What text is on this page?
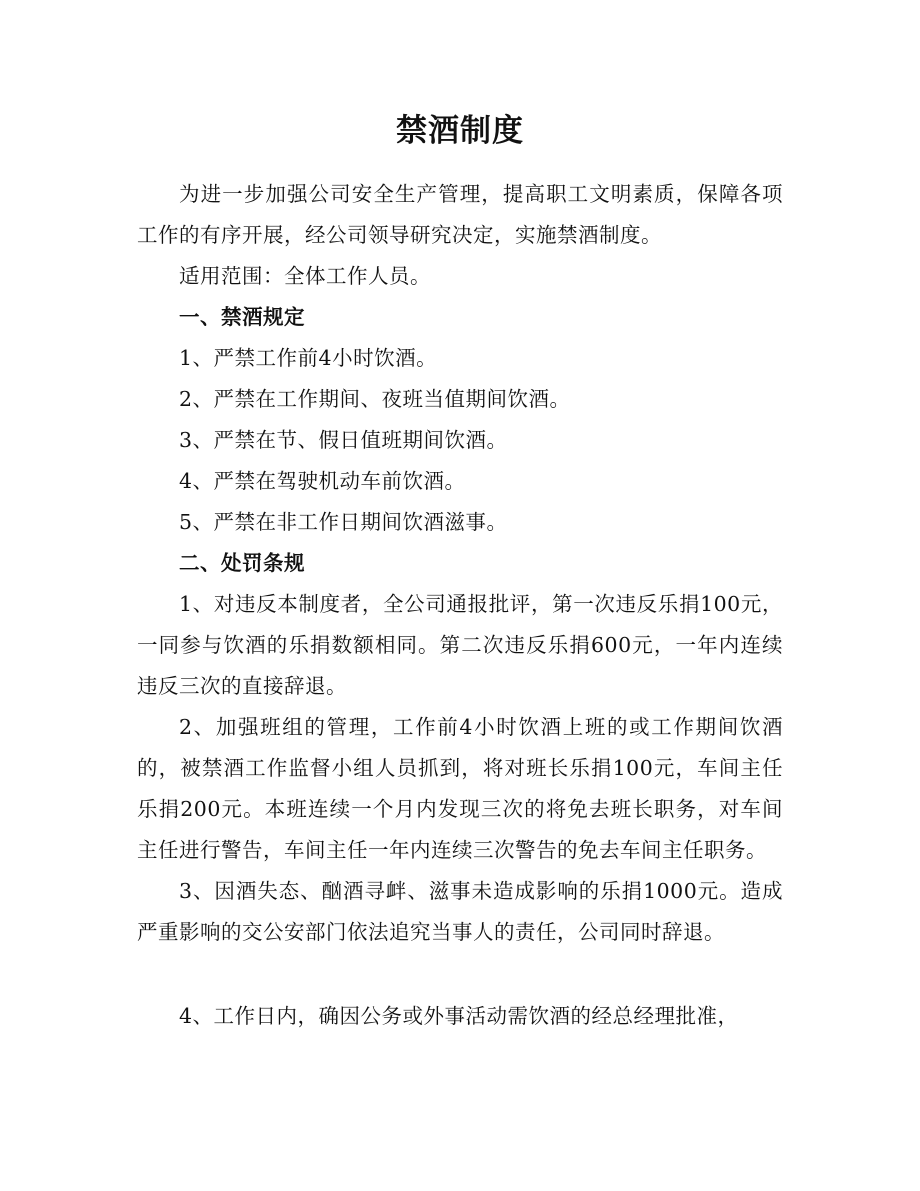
禁酒制度

为进一步加强公司安全生产管理，提高职工文明素质，保障各项工作的有序开展，经公司领导研究决定，实施禁酒制度。

适用范围：全体工作人员。

一、禁酒规定

1、严禁工作前4小时饮酒。

2、严禁在工作期间、夜班当值期间饮酒。

3、严禁在节、假日值班期间饮酒。

4、严禁在驾驶机动车前饮酒。

5、严禁在非工作日期间饮酒滋事。

二、处罚条规

1、对违反本制度者，全公司通报批评，第一次违反乐捐100元，一同参与饮酒的乐捐数额相同。第二次违反乐捐600元，一年内连续违反三次的直接辞退。

2、加强班组的管理，工作前4小时饮酒上班的或工作期间饮酒的，被禁酒工作监督小组人员抓到，将对班长乐捐100元，车间主任乐捐200元。本班连续一个月内发现三次的将免去班长职务，对车间主任进行警告，车间主任一年内连续三次警告的免去车间主任职务。

3、因酒失态、酗酒寻衅、滋事未造成影响的乐捐1000元。造成严重影响的交公安部门依法追究当事人的责任，公司同时辞退。

4、工作日内，确因公务或外事活动需饮酒的经总经理批准，
